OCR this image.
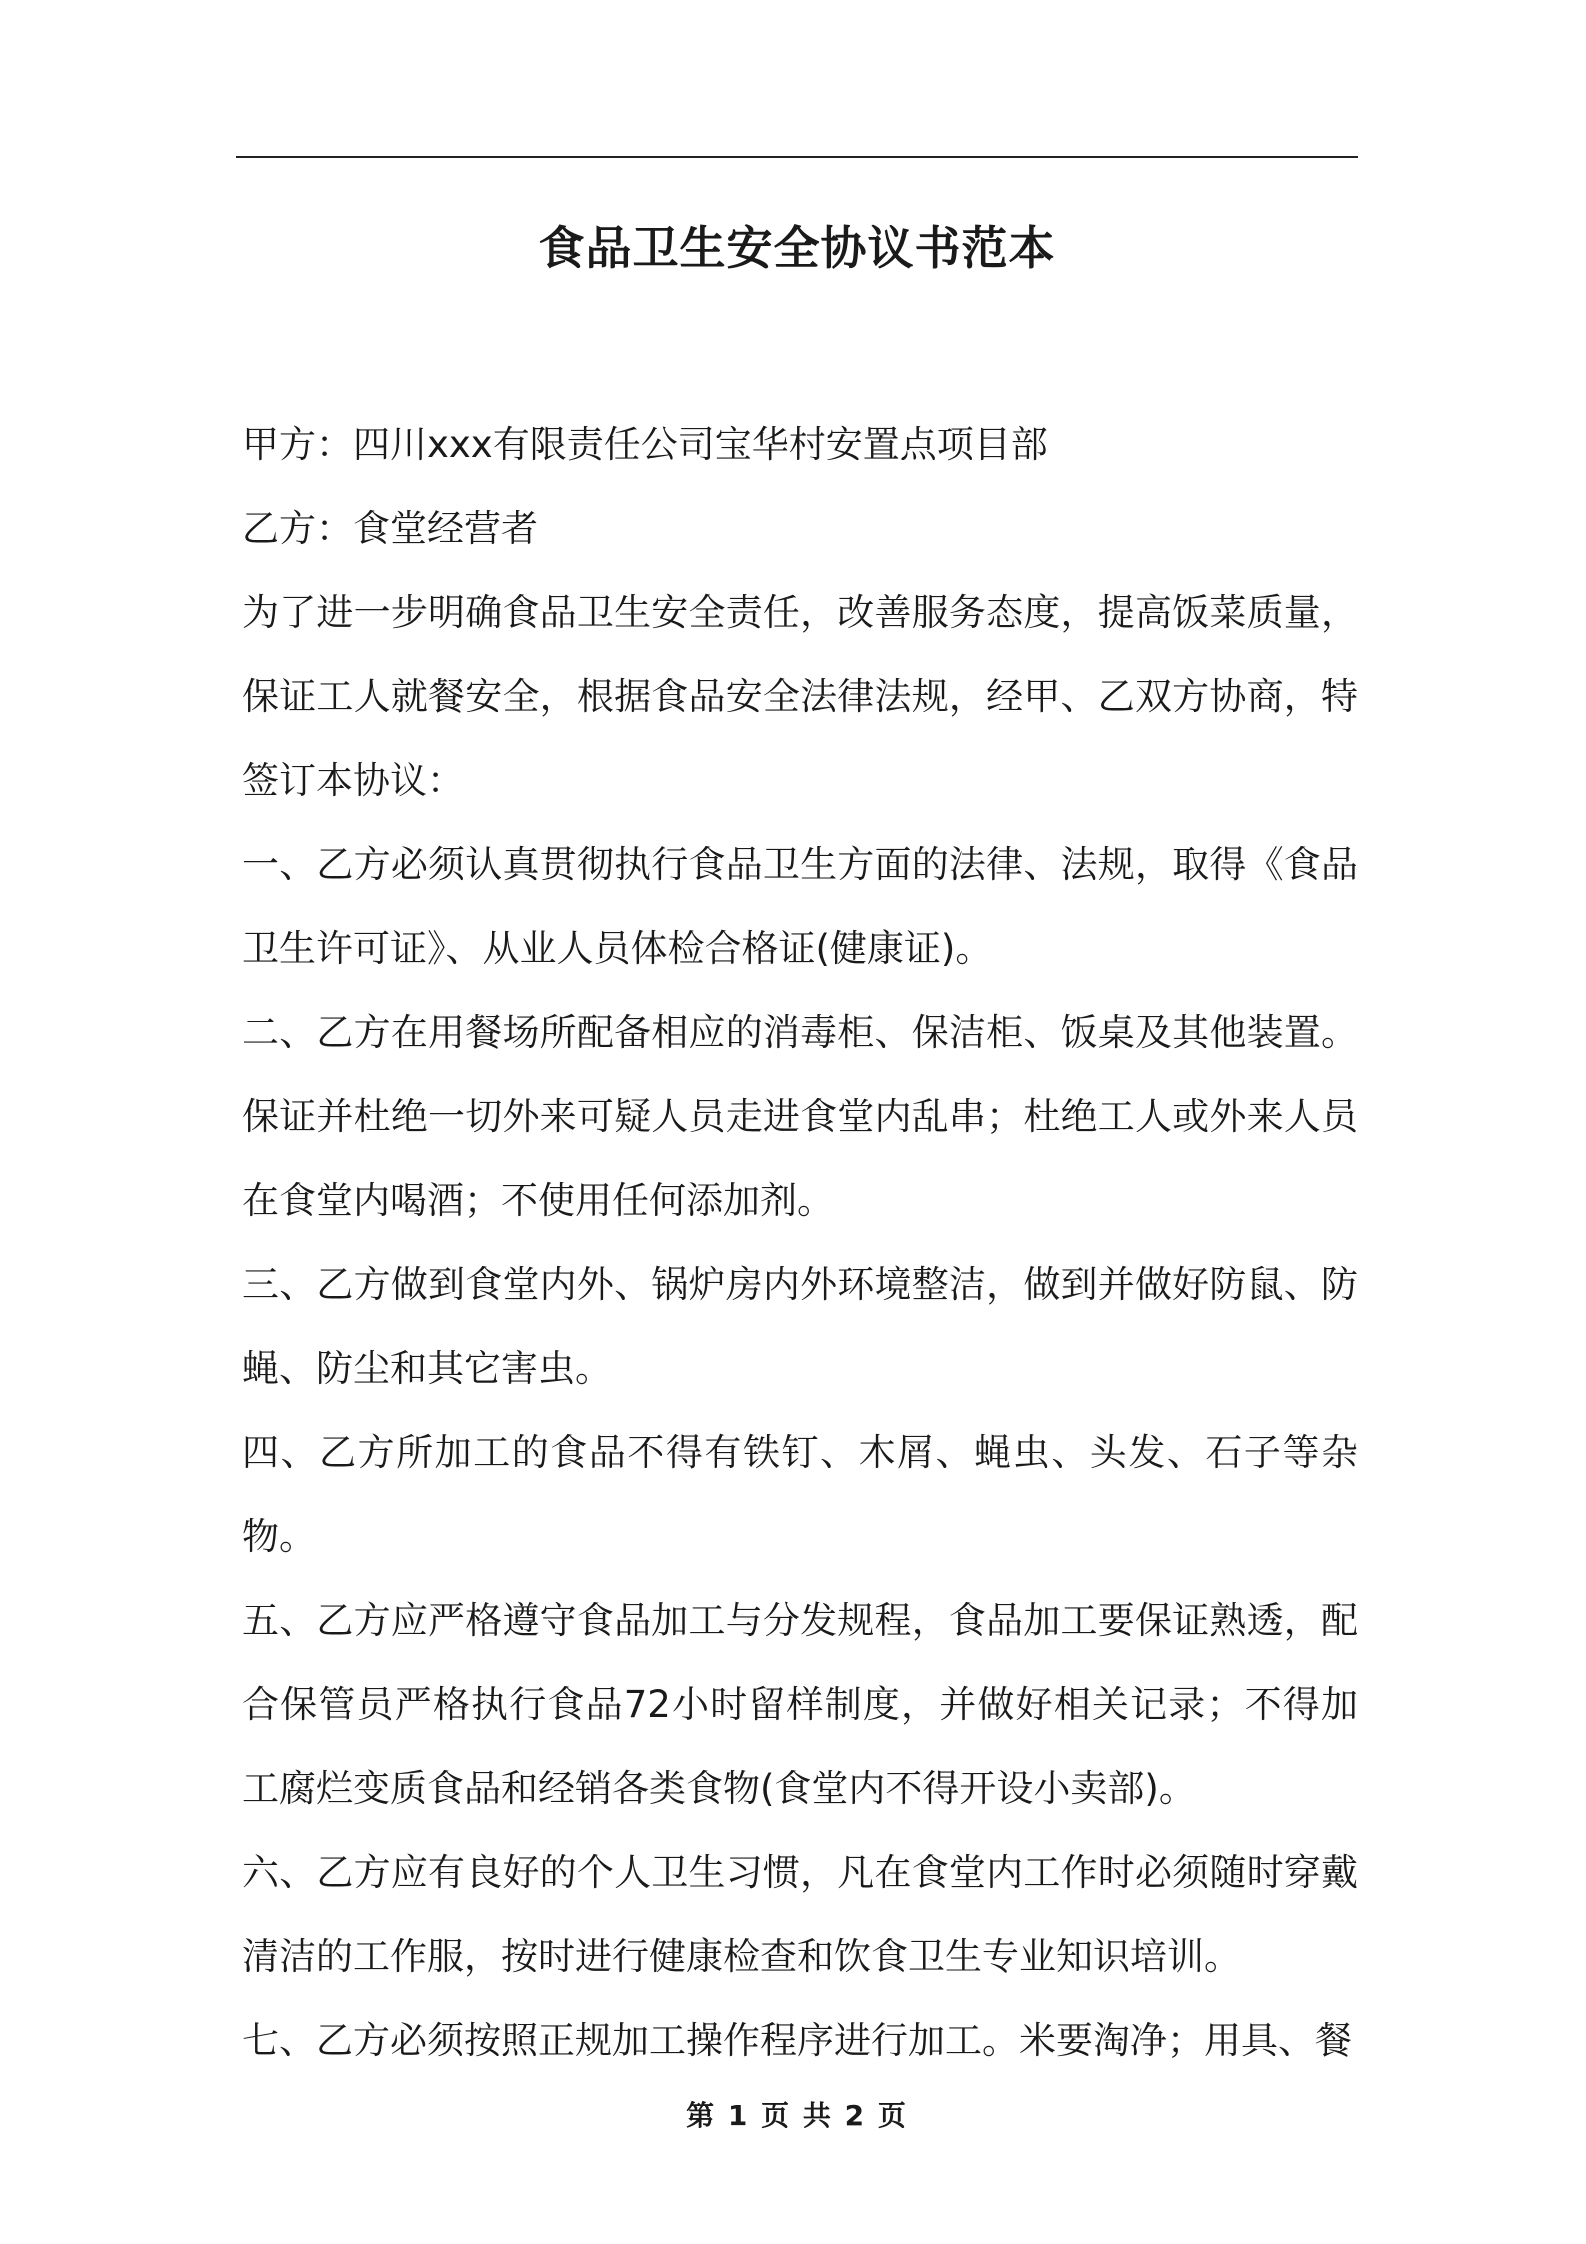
食品卫生安全协议书范本

甲方：四川xxx有限责任公司宝华村安置点项目部

乙方：食堂经营者

为了进一步明确食品卫生安全责任，改善服务态度，提高饭菜质量，保证工人就餐安全，根据食品安全法律法规，经甲、乙双方协商，特签订本协议：

一、乙方必须认真贯彻执行食品卫生方面的法律、法规，取得《食品卫生许可证》、从业人员体检合格证(健康证)。

二、乙方在用餐场所配备相应的消毒柜、保洁柜、饭桌及其他装置。保证并杜绝一切外来可疑人员走进食堂内乱串；杜绝工人或外来人员在食堂内喝酒；不使用任何添加剂。

三、乙方做到食堂内外、锅炉房内外环境整洁，做到并做好防鼠、防蝇、防尘和其它害虫。

四、乙方所加工的食品不得有铁钉、木屑、蝇虫、头发、石子等杂物。

五、乙方应严格遵守食品加工与分发规程，食品加工要保证熟透，配合保管员严格执行食品72小时留样制度，并做好相关记录；不得加工腐烂变质食品和经销各类食物(食堂内不得开设小卖部)。

六、乙方应有良好的个人卫生习惯，凡在食堂内工作时必须随时穿戴清洁的工作服，按时进行健康检查和饮食卫生专业知识培训。

七、乙方必须按照正规加工操作程序进行加工。米要淘净；用具、餐

第 1 页 共 2 页
